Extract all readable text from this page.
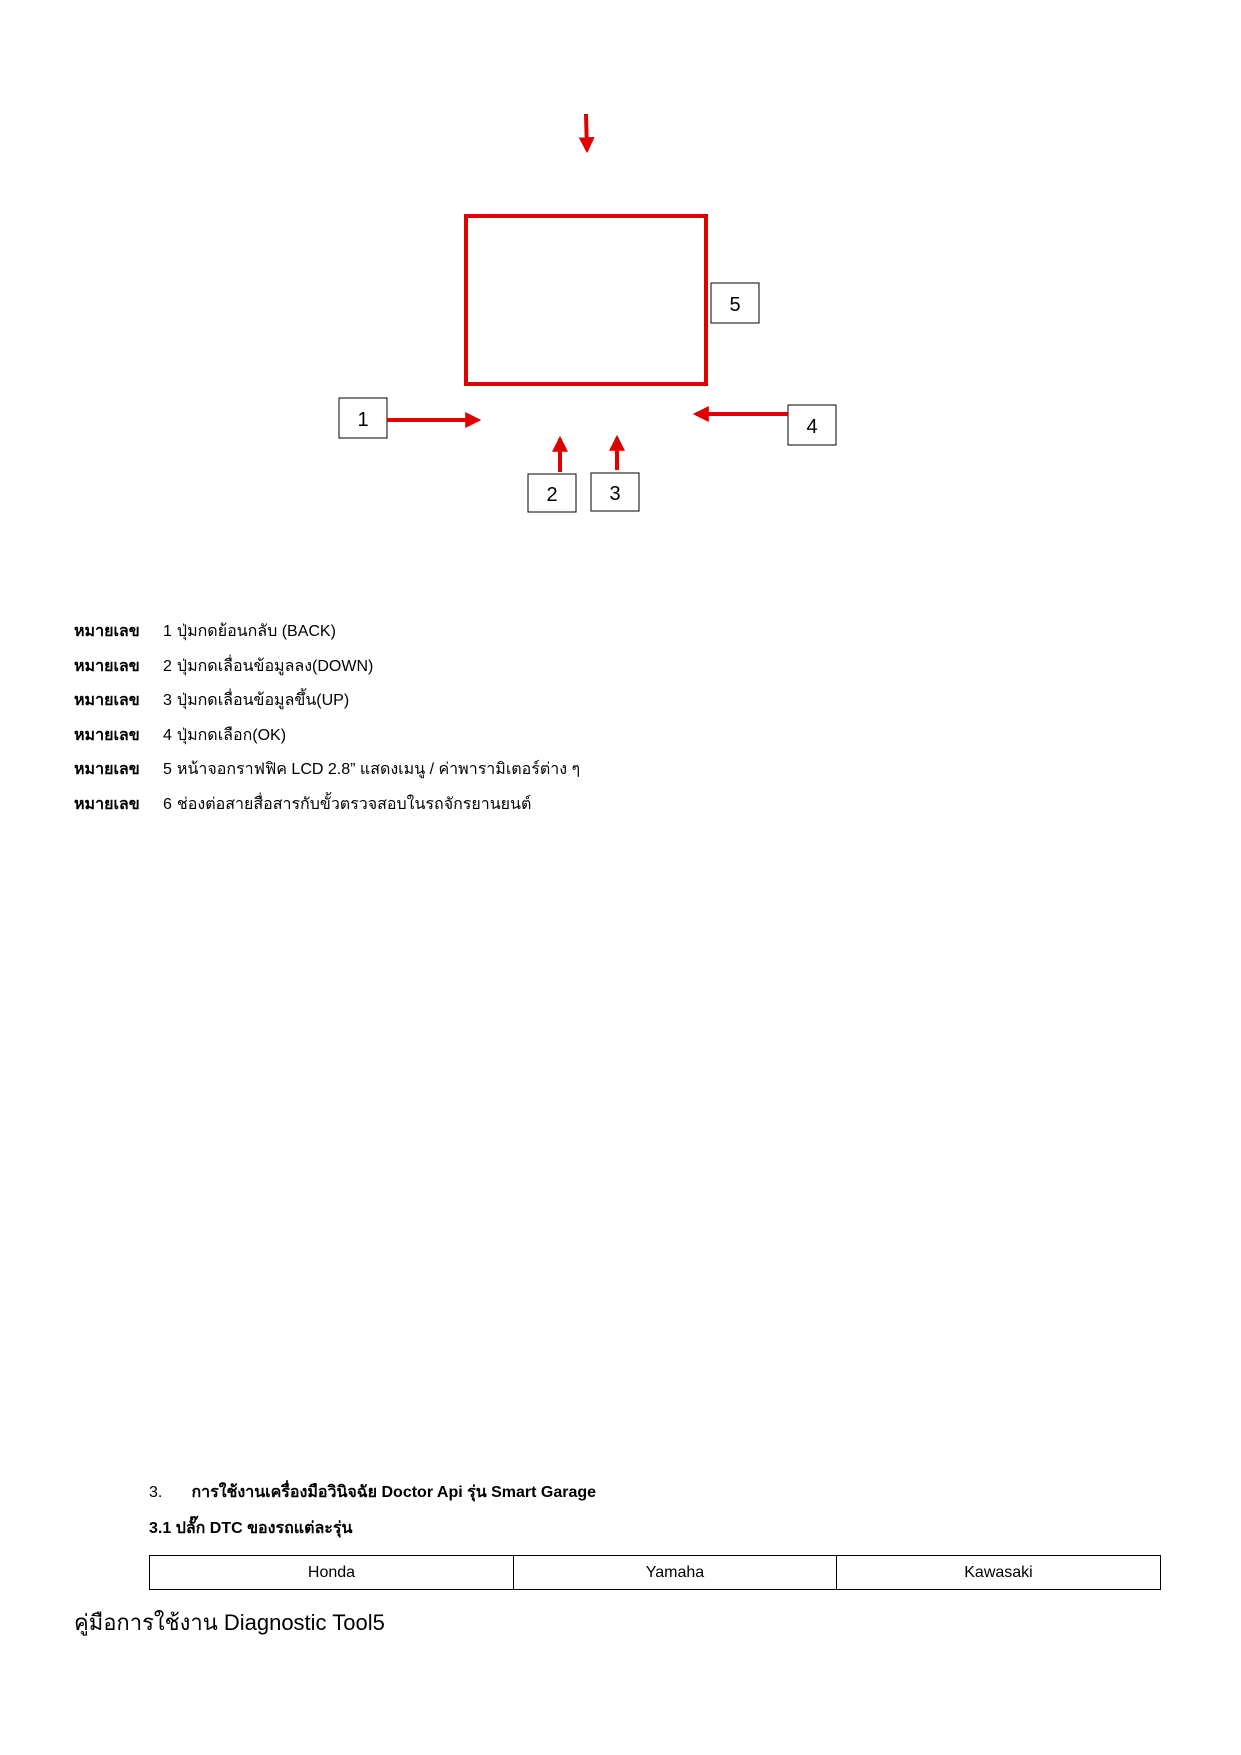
5
1	4
2	3
หมายเลข	1 ปุ่มกดย้อนกลับ (BACK)
หมายเลข	2 ปุ่มกดเลื่อนข้อมูลลง(DOWN)
หมายเลข	3 ปุ่มกดเลื่อนข้อมูลขึ้น(UP)
หมายเลข	4 ปุ่มกดเลือก(OK)
หมายเลข	5 หน้าจอกราฟฟิค LCD 2.8” แสดงเมนู / ค่าพารามิเตอร์ต่าง ๆ
หมายเลข	6 ช่องต่อสายสื่อสารกับขั้วตรวจสอบในรถจักรยานยนต์
3. การใช้งานเครื่องมือวินิจฉัย Doctor Api รุ่น Smart Garage
3.1 ปลั๊ก DTC ของรถแต่ละรุ่น
Honda	Yamaha	Kawasaki
คู่มือการใช้งาน Diagnostic Tool5
